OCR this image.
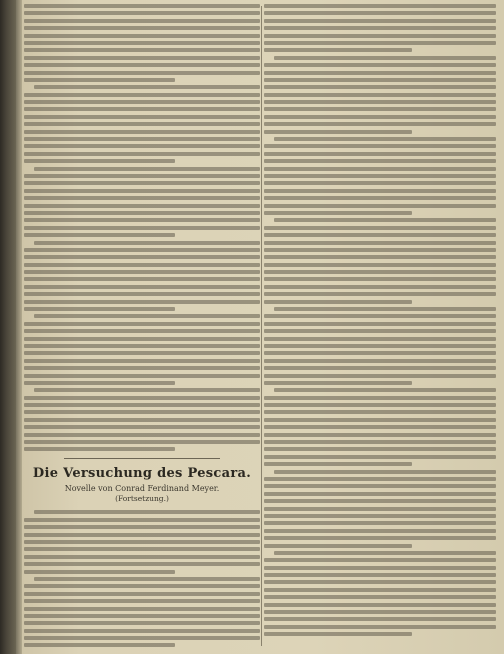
Die Versuchung des Pescara.
Novelle von Conrad Ferdinand Meyer.
(Fortsetzung.)
